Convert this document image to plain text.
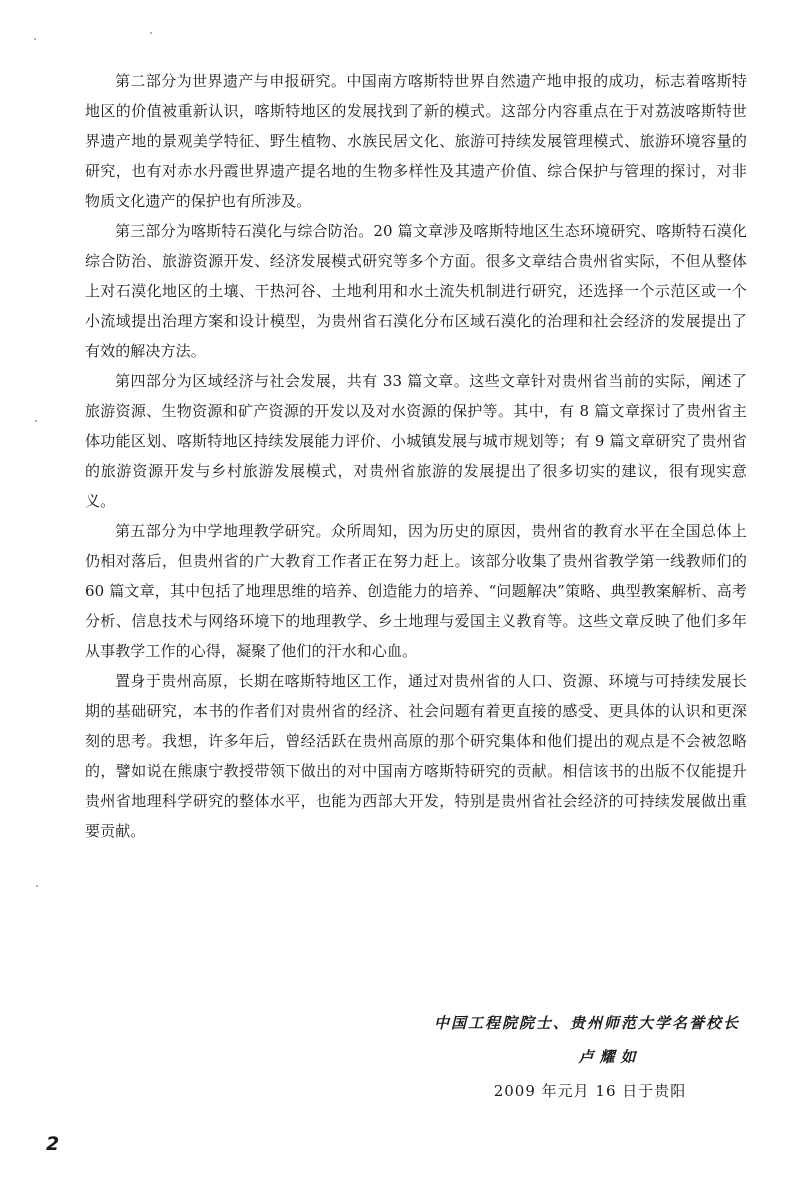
第二部分为世界遗产与申报研究。中国南方喀斯特世界自然遗产地申报的成功，标志着喀斯特地区的价值被重新认识，喀斯特地区的发展找到了新的模式。这部分内容重点在于对荔波喀斯特世界遗产地的景观美学特征、野生植物、水族民居文化、旅游可持续发展管理模式、旅游环境容量的研究，也有对赤水丹霞世界遗产提名地的生物多样性及其遗产价值、综合保护与管理的探讨，对非物质文化遗产的保护也有所涉及。

第三部分为喀斯特石漠化与综合防治。20 篇文章涉及喀斯特地区生态环境研究、喀斯特石漠化综合防治、旅游资源开发、经济发展模式研究等多个方面。很多文章结合贵州省实际，不但从整体上对石漠化地区的土壤、干热河谷、土地利用和水土流失机制进行研究，还选择一个示范区或一个小流域提出治理方案和设计模型，为贵州省石漠化分布区域石漠化的治理和社会经济的发展提出了有效的解决方法。

第四部分为区域经济与社会发展，共有 33 篇文章。这些文章针对贵州省当前的实际，阐述了旅游资源、生物资源和矿产资源的开发以及对水资源的保护等。其中，有 8 篇文章探讨了贵州省主体功能区划、喀斯特地区持续发展能力评价、小城镇发展与城市规划等；有 9 篇文章研究了贵州省的旅游资源开发与乡村旅游发展模式，对贵州省旅游的发展提出了很多切实的建议，很有现实意义。

第五部分为中学地理教学研究。众所周知，因为历史的原因，贵州省的教育水平在全国总体上仍相对落后，但贵州省的广大教育工作者正在努力赶上。该部分收集了贵州省教学第一线教师们的 60 篇文章，其中包括了地理思维的培养、创造能力的培养、“问题解决”策略、典型教案解析、高考分析、信息技术与网络环境下的地理教学、乡土地理与爱国主义教育等。这些文章反映了他们多年从事教学工作的心得，凝聚了他们的汗水和心血。

置身于贵州高原，长期在喀斯特地区工作，通过对贵州省的人口、资源、环境与可持续发展长期的基础研究，本书的作者们对贵州省的经济、社会问题有着更直接的感受、更具体的认识和更深刻的思考。我想，许多年后，曾经活跃在贵州高原的那个研究集体和他们提出的观点是不会被忽略的，譬如说在熊康宁教授带领下做出的对中国南方喀斯特研究的贡献。相信该书的出版不仅能提升贵州省地理科学研究的整体水平，也能为西部大开发，特别是贵州省社会经济的可持续发展做出重要贡献。

中国工程院院士、贵州师范大学名誉校长
卢耀如
2009 年元月 16 日于贵阳
2
